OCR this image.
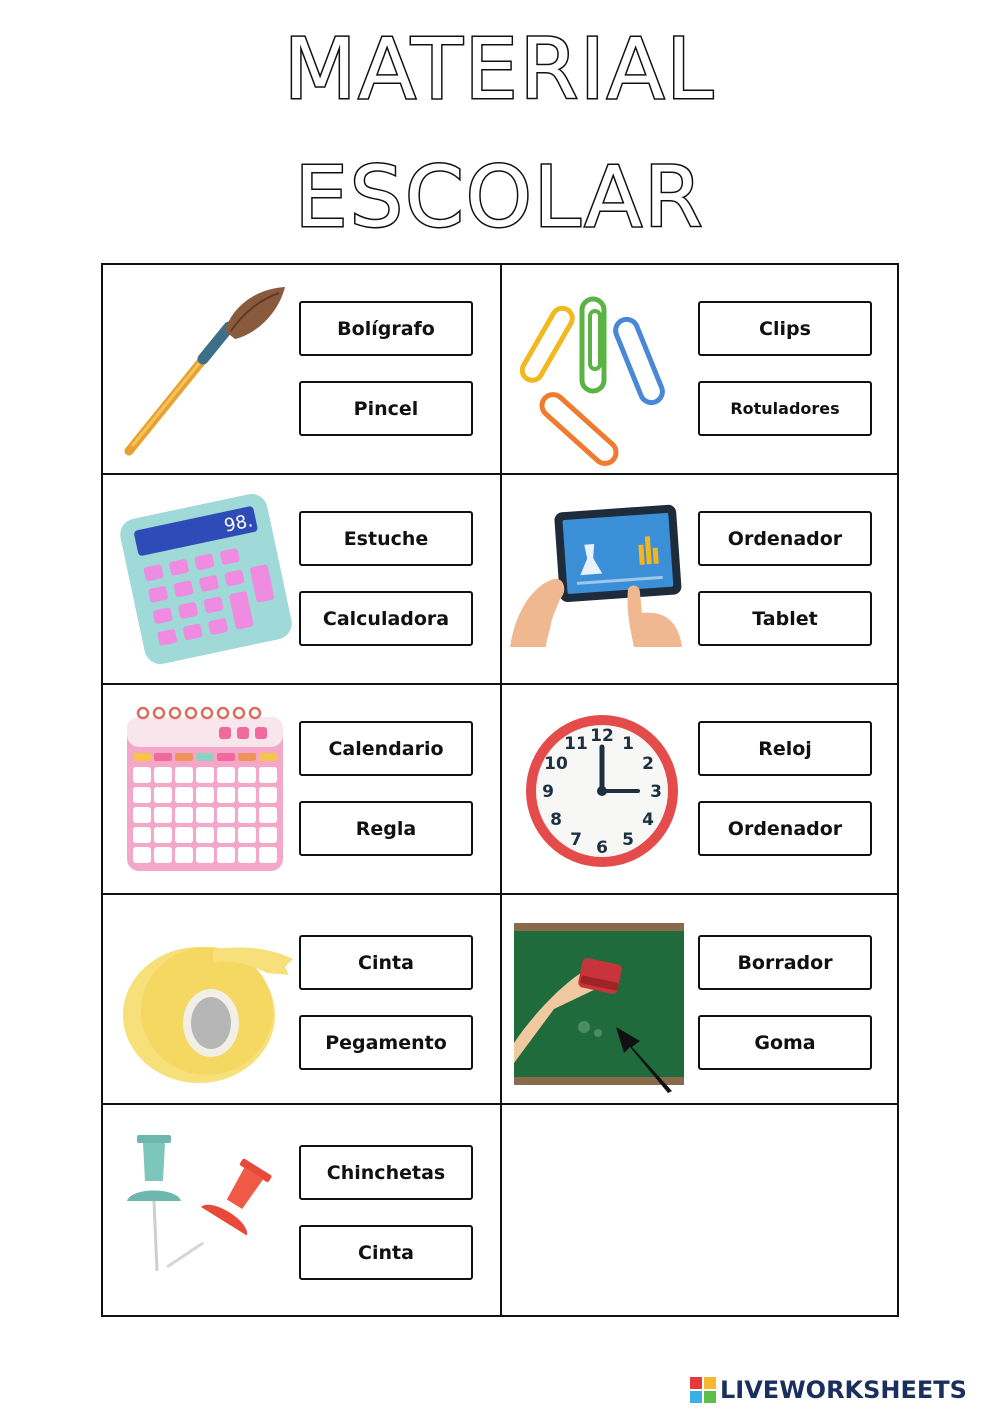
MATERIAL
ESCOLAR
Bolígrafo
Pincel
Clips
Rotuladores
98.
Estuche
Calculadora
Ordenador
Tablet
Calendario
Regla
12 1
2
3
4
5
6
7
8
9
10
11	Reloj
Ordenador
Cinta
Pegamento
Borrador
Goma
Chinchetas
Cinta
LIVEWORKSHEETS
